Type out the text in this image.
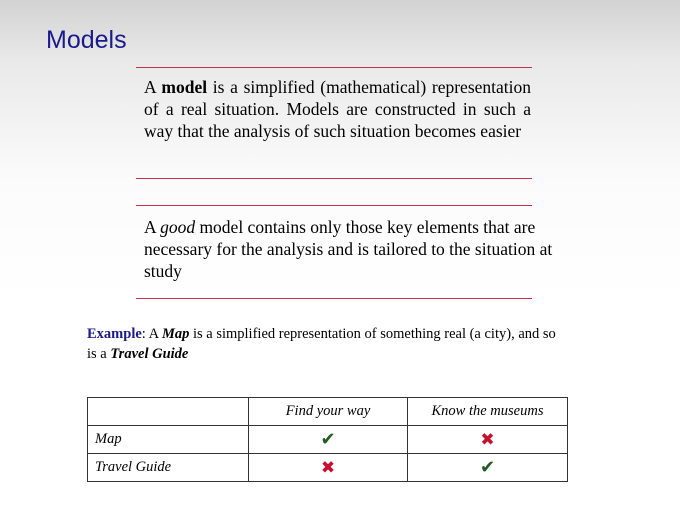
Models
A model is a simplified (mathematical) representation of a real situation. Models are constructed in such a way that the analysis of such situation becomes easier
A good model contains only those key elements that are necessary for the analysis and is tailored to the situation at study
Example: A Map is a simplified representation of something real (a city), and so is a Travel Guide
	Find your way	Know the museums
Map	✔	✖
Travel Guide	✖	✔
